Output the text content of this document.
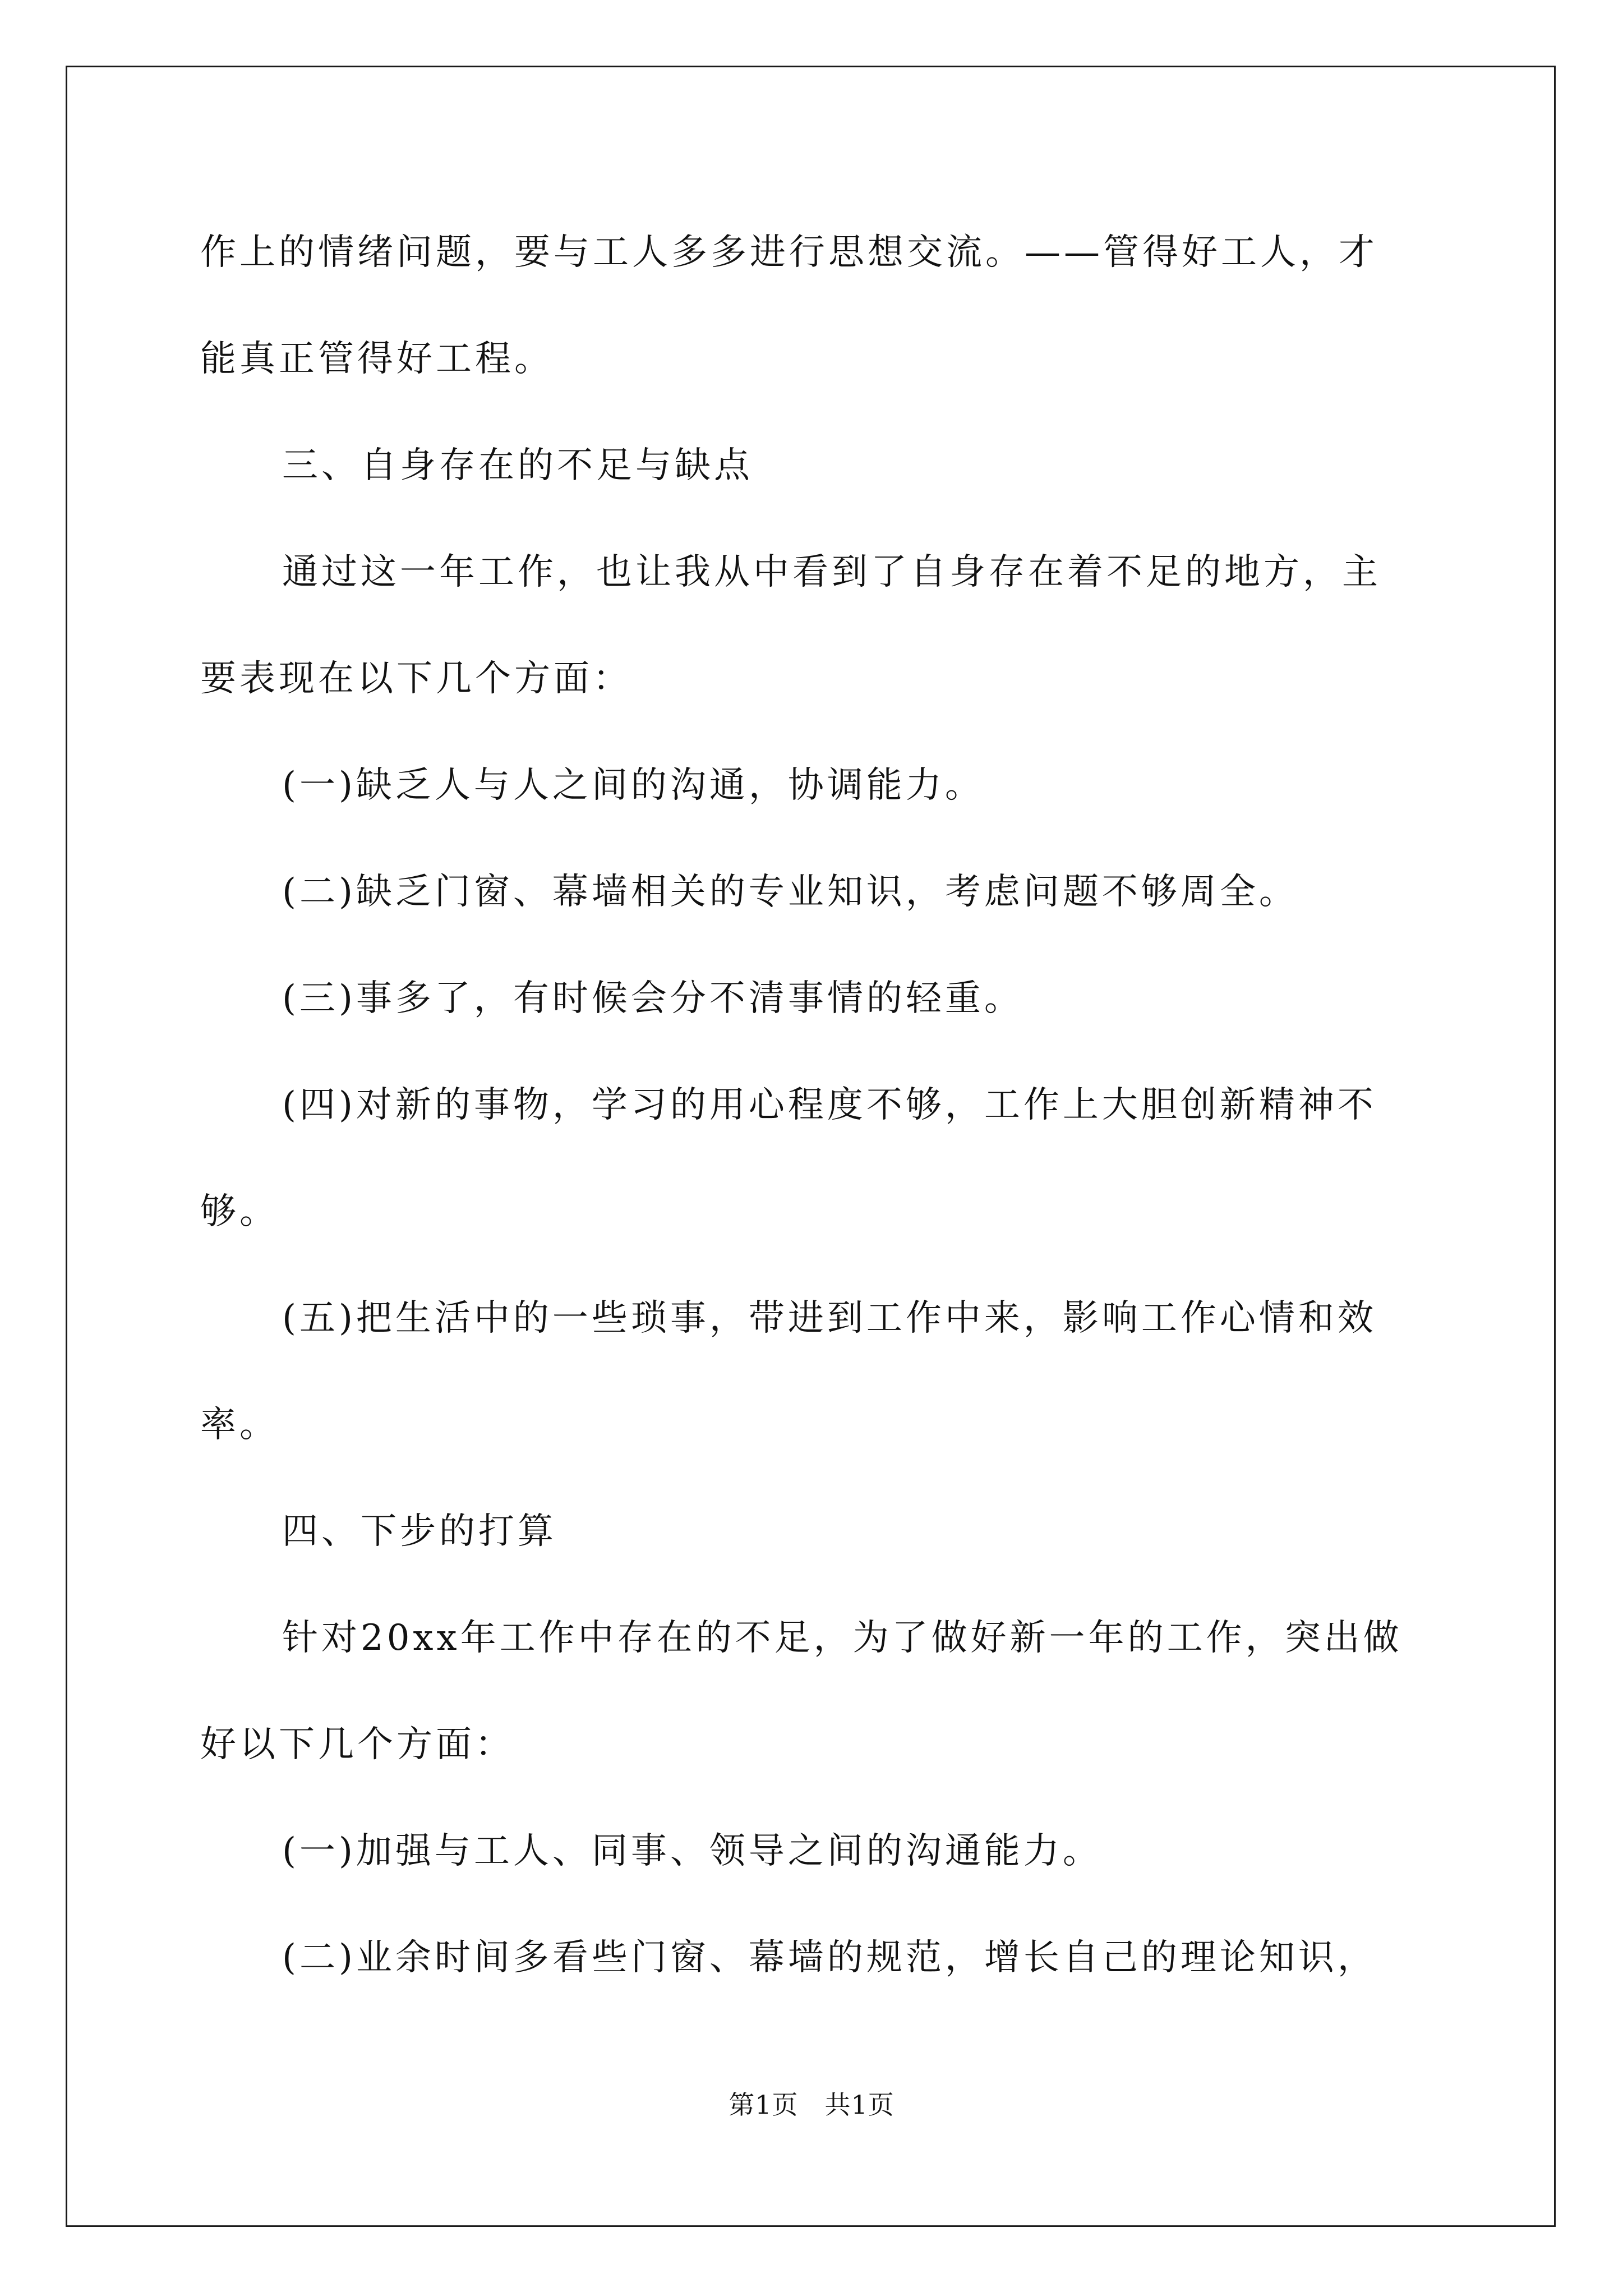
作上的情绪问题，要与工人多多进行思想交流。——管得好工人，才
能真正管得好工程。
三、自身存在的不足与缺点
通过这一年工作，也让我从中看到了自身存在着不足的地方，主
要表现在以下几个方面：
(一)缺乏人与人之间的沟通，协调能力。
(二)缺乏门窗、幕墙相关的专业知识，考虑问题不够周全。
(三)事多了，有时候会分不清事情的轻重。
(四)对新的事物，学习的用心程度不够，工作上大胆创新精神不
够。
(五)把生活中的一些琐事，带进到工作中来，影响工作心情和效
率。
四、下步的打算
针对20xx年工作中存在的不足，为了做好新一年的工作，突出做
好以下几个方面：
(一)加强与工人、同事、领导之间的沟通能力。
(二)业余时间多看些门窗、幕墙的规范，增长自己的理论知识，
第1页 共1页
